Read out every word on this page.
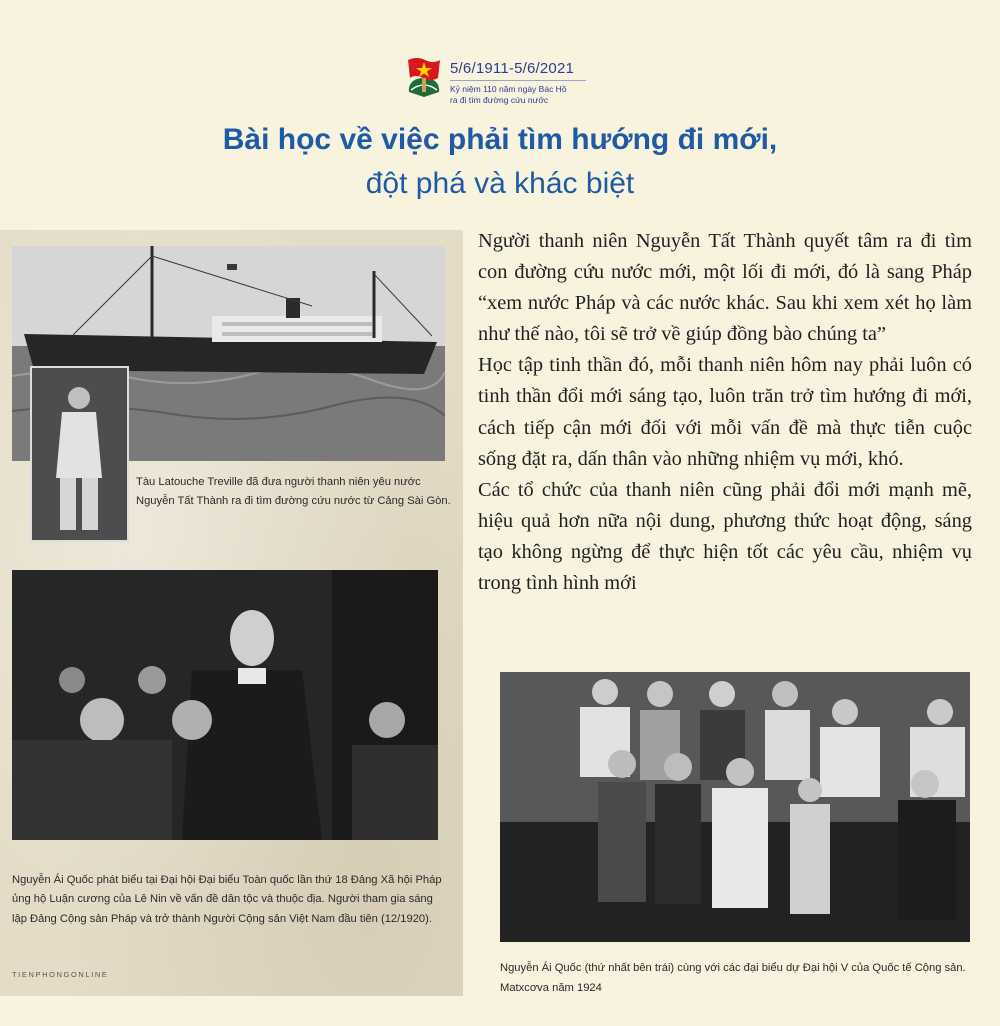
5/6/1911-5/6/2021
Kỷ niệm 110 năm ngày Bác Hồ
ra đi tìm đường cứu nước
Bài học về việc phải tìm hướng đi mới,
đột phá và khác biệt
Tàu Latouche Treville đã đưa người thanh niên yêu nước Nguyễn Tất Thành ra đi tìm đường cứu nước từ Cảng Sài Gòn.
Nguyễn Ái Quốc phát biểu tại Đại hội Đại biểu Toàn quốc lần thứ 18 Đảng Xã hội Pháp ủng hộ Luận cương của Lê Nin về vấn đề dân tộc và thuộc địa. Người tham gia sáng lập Đảng Cộng sản Pháp và trở thành Người Cộng sản Việt Nam đầu tiên (12/1920).
TIENPHONGONLINE

Người thanh niên Nguyễn Tất Thành quyết tâm ra đi tìm con đường cứu nước mới, một lối đi mới, đó là sang Pháp “xem nước Pháp và các nước khác. Sau khi xem xét họ làm như thế nào, tôi sẽ trở về giúp đồng bào chúng ta”

Học tập tinh thần đó, mỗi thanh niên hôm nay phải luôn có tinh thần đổi mới sáng tạo, luôn trăn trở tìm hướng đi mới, cách tiếp cận mới đối với mỗi vấn đề mà thực tiễn cuộc sống đặt ra, dấn thân vào những nhiệm vụ mới, khó.

Các tổ chức của thanh niên cũng phải đổi mới mạnh mẽ, hiệu quả hơn nữa nội dung, phương thức hoạt động, sáng tạo không ngừng để thực hiện tốt các yêu cầu, nhiệm vụ trong tình hình mới

Nguyễn Ái Quốc (thứ nhất bên trái) cùng với các đại biểu dự Đại hội V của Quốc tế Cộng sản. Matxcơva năm 1924
